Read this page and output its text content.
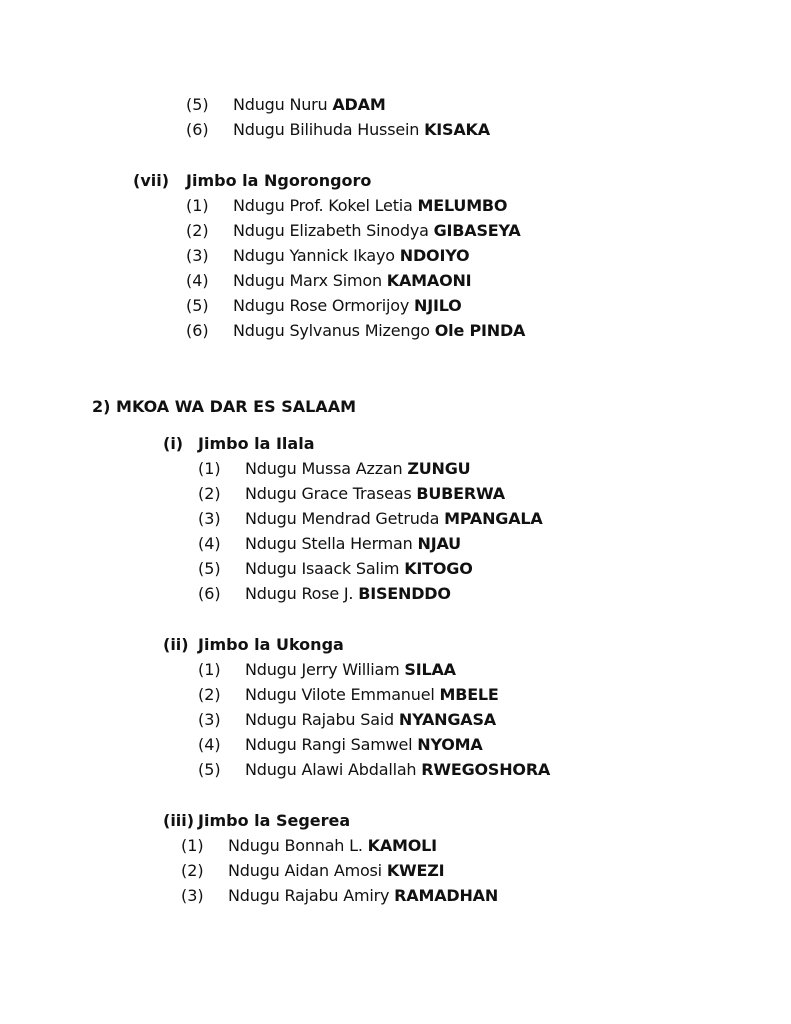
(5) Ndugu Nuru ADAM
(6) Ndugu Bilihuda Hussein KISAKA
(vii) Jimbo la Ngorongoro
(1) Ndugu Prof. Kokel Letia MELUMBO
(2) Ndugu Elizabeth Sinodya GIBASEYA
(3) Ndugu Yannick Ikayo NDOIYO
(4) Ndugu Marx Simon KAMAONI
(5) Ndugu Rose Ormorijoy NJILO
(6) Ndugu Sylvanus Mizengo Ole PINDA
2) MKOA WA DAR ES SALAAM
(i) Jimbo la Ilala
(1) Ndugu Mussa Azzan ZUNGU
(2) Ndugu Grace Traseas BUBERWA
(3) Ndugu Mendrad Getruda MPANGALA
(4) Ndugu Stella Herman NJAU
(5) Ndugu Isaack Salim KITOGO
(6) Ndugu Rose J. BISENDDO
(ii) Jimbo la Ukonga
(1) Ndugu Jerry William SILAA
(2) Ndugu Vilote Emmanuel MBELE
(3) Ndugu Rajabu Said NYANGASA
(4) Ndugu Rangi Samwel NYOMA
(5) Ndugu Alawi Abdallah RWEGOSHORA
(iii) Jimbo la Segerea
(1) Ndugu Bonnah L. KAMOLI
(2) Ndugu Aidan Amosi KWEZI
(3) Ndugu Rajabu Amiry RAMADHAN
